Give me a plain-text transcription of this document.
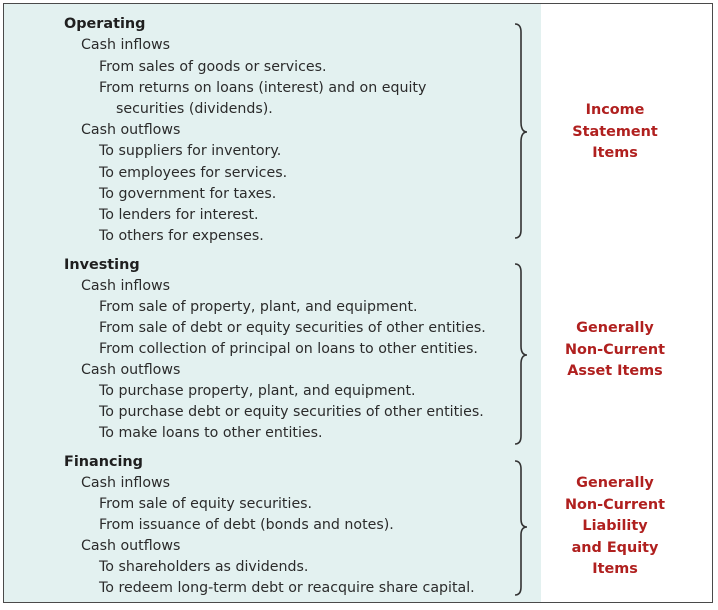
Operating
Cash inflows
From sales of goods or services.
From returns on loans (interest) and on equity
securities (dividends).
Cash outflows
To suppliers for inventory.
To employees for services.
To government for taxes.
To lenders for interest.
To others for expenses.
Investing
Cash inflows
From sale of property, plant, and equipment.
From sale of debt or equity securities of other entities.
From collection of principal on loans to other entities.
Cash outflows
To purchase property, plant, and equipment.
To purchase debt or equity securities of other entities.
To make loans to other entities.
Financing
Cash inflows
From sale of equity securities.
From issuance of debt (bonds and notes).
Cash outflows
To shareholders as dividends.
To redeem long-term debt or reacquire share capital.
Income
Statement
Items
Generally
Non-Current
Asset Items
Generally
Non-Current
Liability
and Equity
Items
